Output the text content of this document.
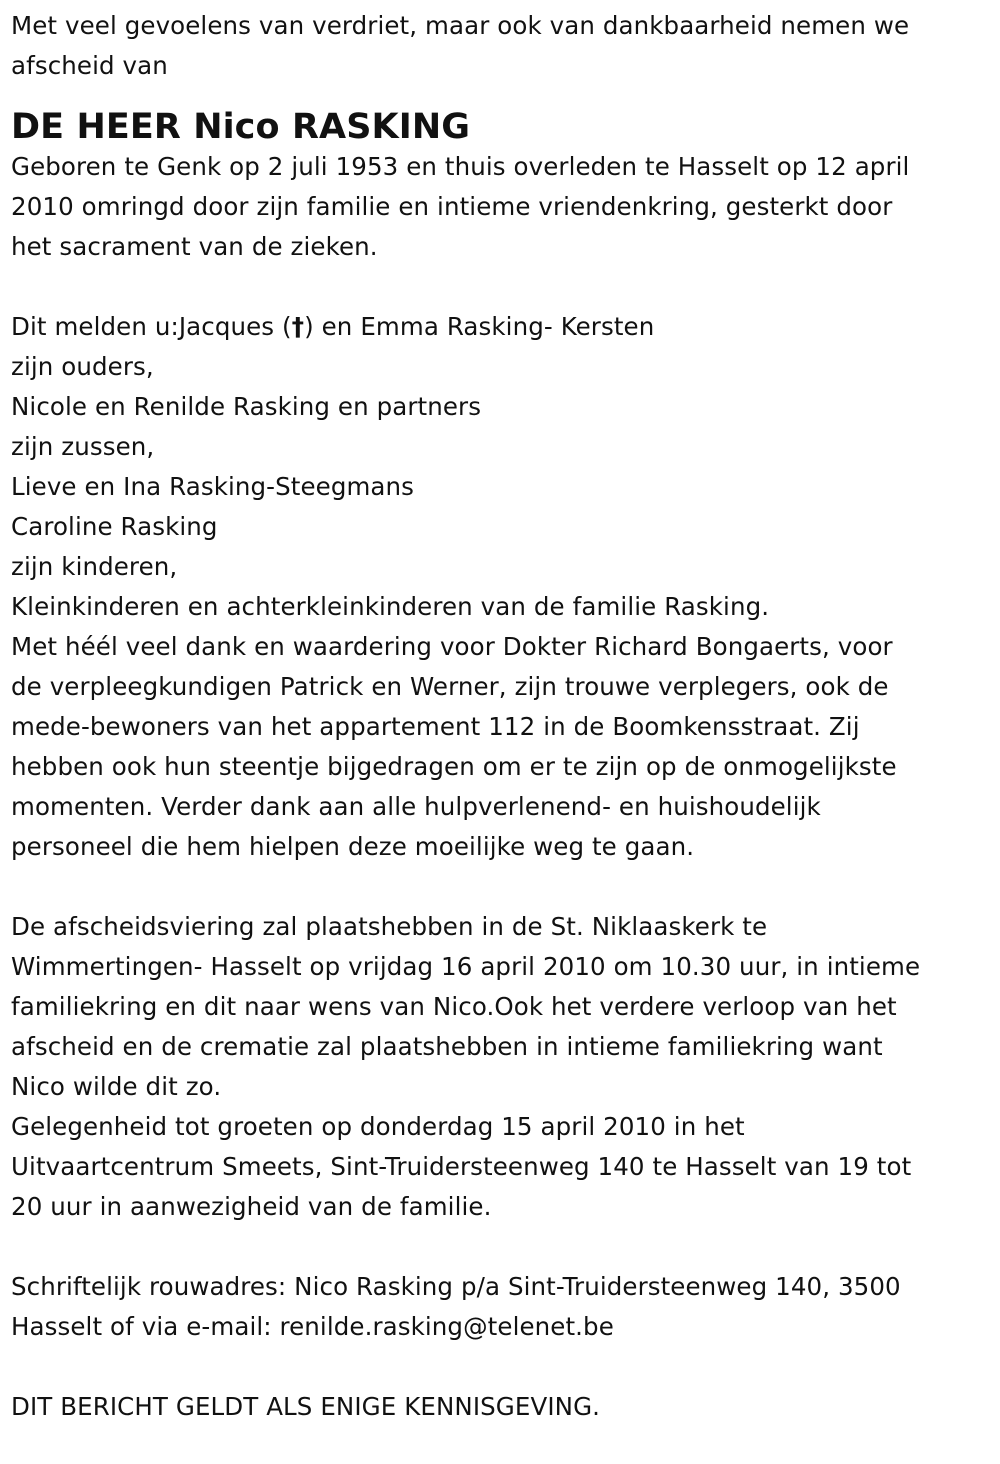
Met veel gevoelens van verdriet, maar ook van dankbaarheid nemen we
afscheid van
DE HEER Nico RASKING
Geboren te Genk op 2 juli 1953 en thuis overleden te Hasselt op 12 april
2010 omringd door zijn familie en intieme vriendenkring, gesterkt door
het sacrament van de zieken.
Dit melden u:Jacques (†) en Emma Rasking- Kersten
zijn ouders,
Nicole en Renilde Rasking en partners
zijn zussen,
Lieve en Ina Rasking-Steegmans
Caroline Rasking
zijn kinderen,
Kleinkinderen en achterkleinkinderen van de familie Rasking.
Met héél veel dank en waardering voor Dokter Richard Bongaerts, voor
de verpleegkundigen Patrick en Werner, zijn trouwe verplegers, ook de
mede-bewoners van het appartement 112 in de Boomkensstraat. Zij
hebben ook hun steentje bijgedragen om er te zijn op de onmogelijkste
momenten. Verder dank aan alle hulpverlenend- en huishoudelijk
personeel die hem hielpen deze moeilijke weg te gaan.
De afscheidsviering zal plaatshebben in de St. Niklaaskerk te
Wimmertingen- Hasselt op vrijdag 16 april 2010 om 10.30 uur, in intieme
familiekring en dit naar wens van Nico.Ook het verdere verloop van het
afscheid en de crematie zal plaatshebben in intieme familiekring want
Nico wilde dit zo.
Gelegenheid tot groeten op donderdag 15 april 2010 in het
Uitvaartcentrum Smeets, Sint-Truidersteenweg 140 te Hasselt van 19 tot
20 uur in aanwezigheid van de familie.
Schriftelijk rouwadres: Nico Rasking p/a Sint-Truidersteenweg 140, 3500
Hasselt of via e-mail: renilde.rasking@telenet.be
DIT BERICHT GELDT ALS ENIGE KENNISGEVING.
